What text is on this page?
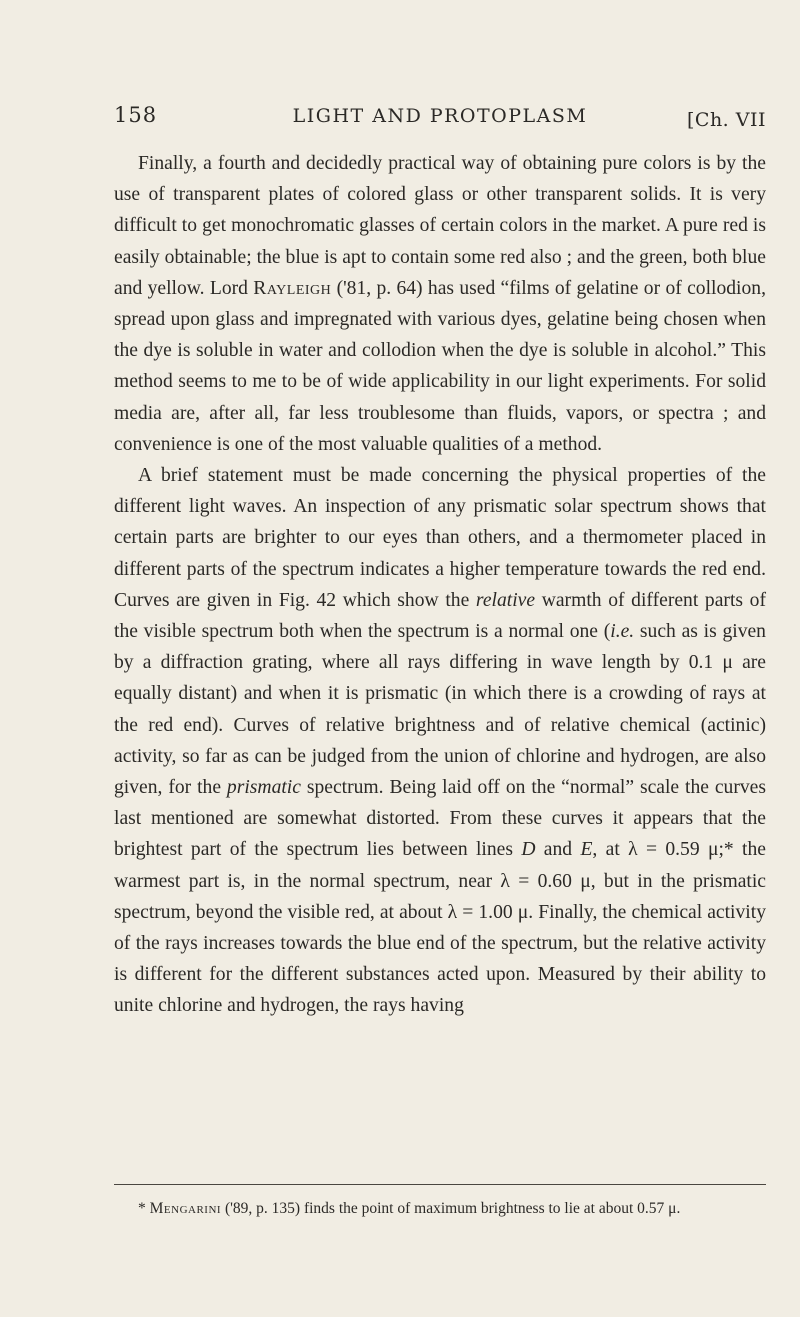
158	LIGHT AND PROTOPLASM	[Ch. VII

Finally, a fourth and decidedly practical way of obtaining pure colors is by the use of transparent plates of colored glass or other transparent solids. It is very difficult to get monochromatic glasses of certain colors in the market. A pure red is easily obtainable; the blue is apt to contain some red also ; and the green, both blue and yellow. Lord Rayleigh ('81, p. 64) has used “films of gelatine or of collodion, spread upon glass and impregnated with various dyes, gelatine being chosen when the dye is soluble in water and collodion when the dye is soluble in alcohol.” This method seems to me to be of wide applicability in our light experiments. For solid media are, after all, far less troublesome than fluids, vapors, or spectra ; and convenience is one of the most valuable qualities of a method.

A brief statement must be made concerning the physical properties of the different light waves. An inspection of any prismatic solar spectrum shows that certain parts are brighter to our eyes than others, and a thermometer placed in different parts of the spectrum indicates a higher temperature towards the red end. Curves are given in Fig. 42 which show the relative warmth of different parts of the visible spectrum both when the spectrum is a normal one (i.e. such as is given by a diffraction grating, where all rays differing in wave length by 0.1 μ are equally distant) and when it is prismatic (in which there is a crowding of rays at the red end). Curves of relative brightness and of relative chemical (actinic) activity, so far as can be judged from the union of chlorine and hydrogen, are also given, for the prismatic spectrum. Being laid off on the “normal” scale the curves last mentioned are somewhat distorted. From these curves it appears that the brightest part of the spectrum lies between lines D and E, at λ = 0.59 μ;* the warmest part is, in the normal spectrum, near λ = 0.60 μ, but in the prismatic spectrum, beyond the visible red, at about λ = 1.00 μ. Finally, the chemical activity of the rays increases towards the blue end of the spectrum, but the relative activity is different for the different substances acted upon. Measured by their ability to unite chlorine and hydrogen, the rays having

* Mengarini ('89, p. 135) finds the point of maximum brightness to lie at about 0.57 μ.
